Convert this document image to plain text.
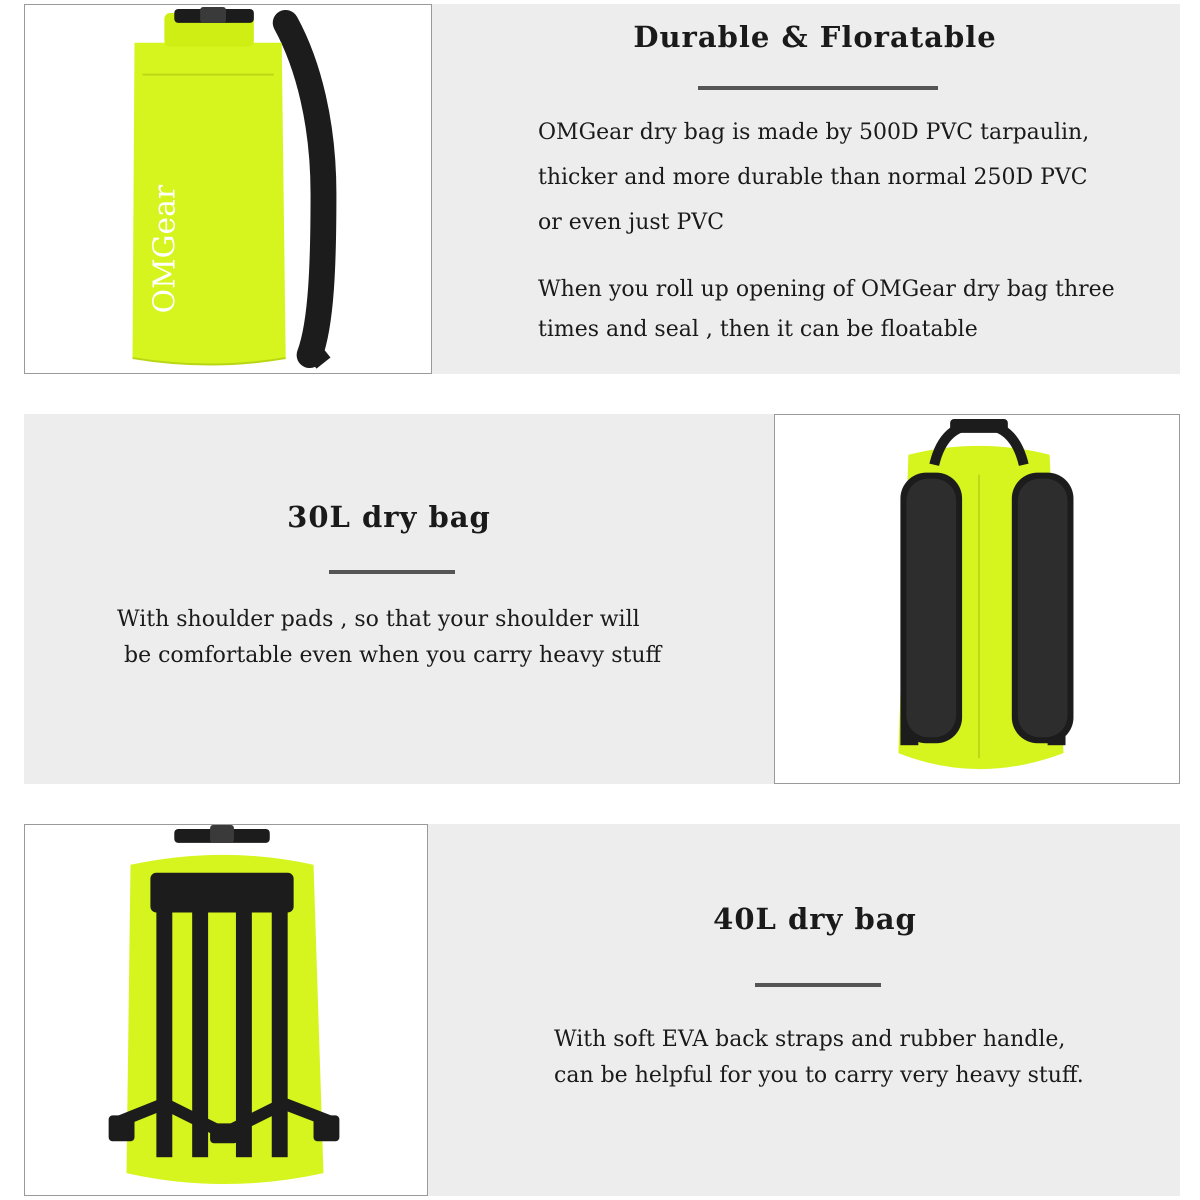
OMGear
Durable & Floratable

OMGear dry bag is made by 500D PVC tarpaulin,

thicker and more durable than normal 250D PVC

or even just PVC

When you roll up opening of OMGear dry bag three

times and seal , then it can be floatable

30L dry bag

With shoulder pads , so that your shoulder will

be comfortable even when you carry heavy stuff

40L dry bag

With soft EVA back straps and rubber handle,

can be helpful for you to carry very heavy stuff.
